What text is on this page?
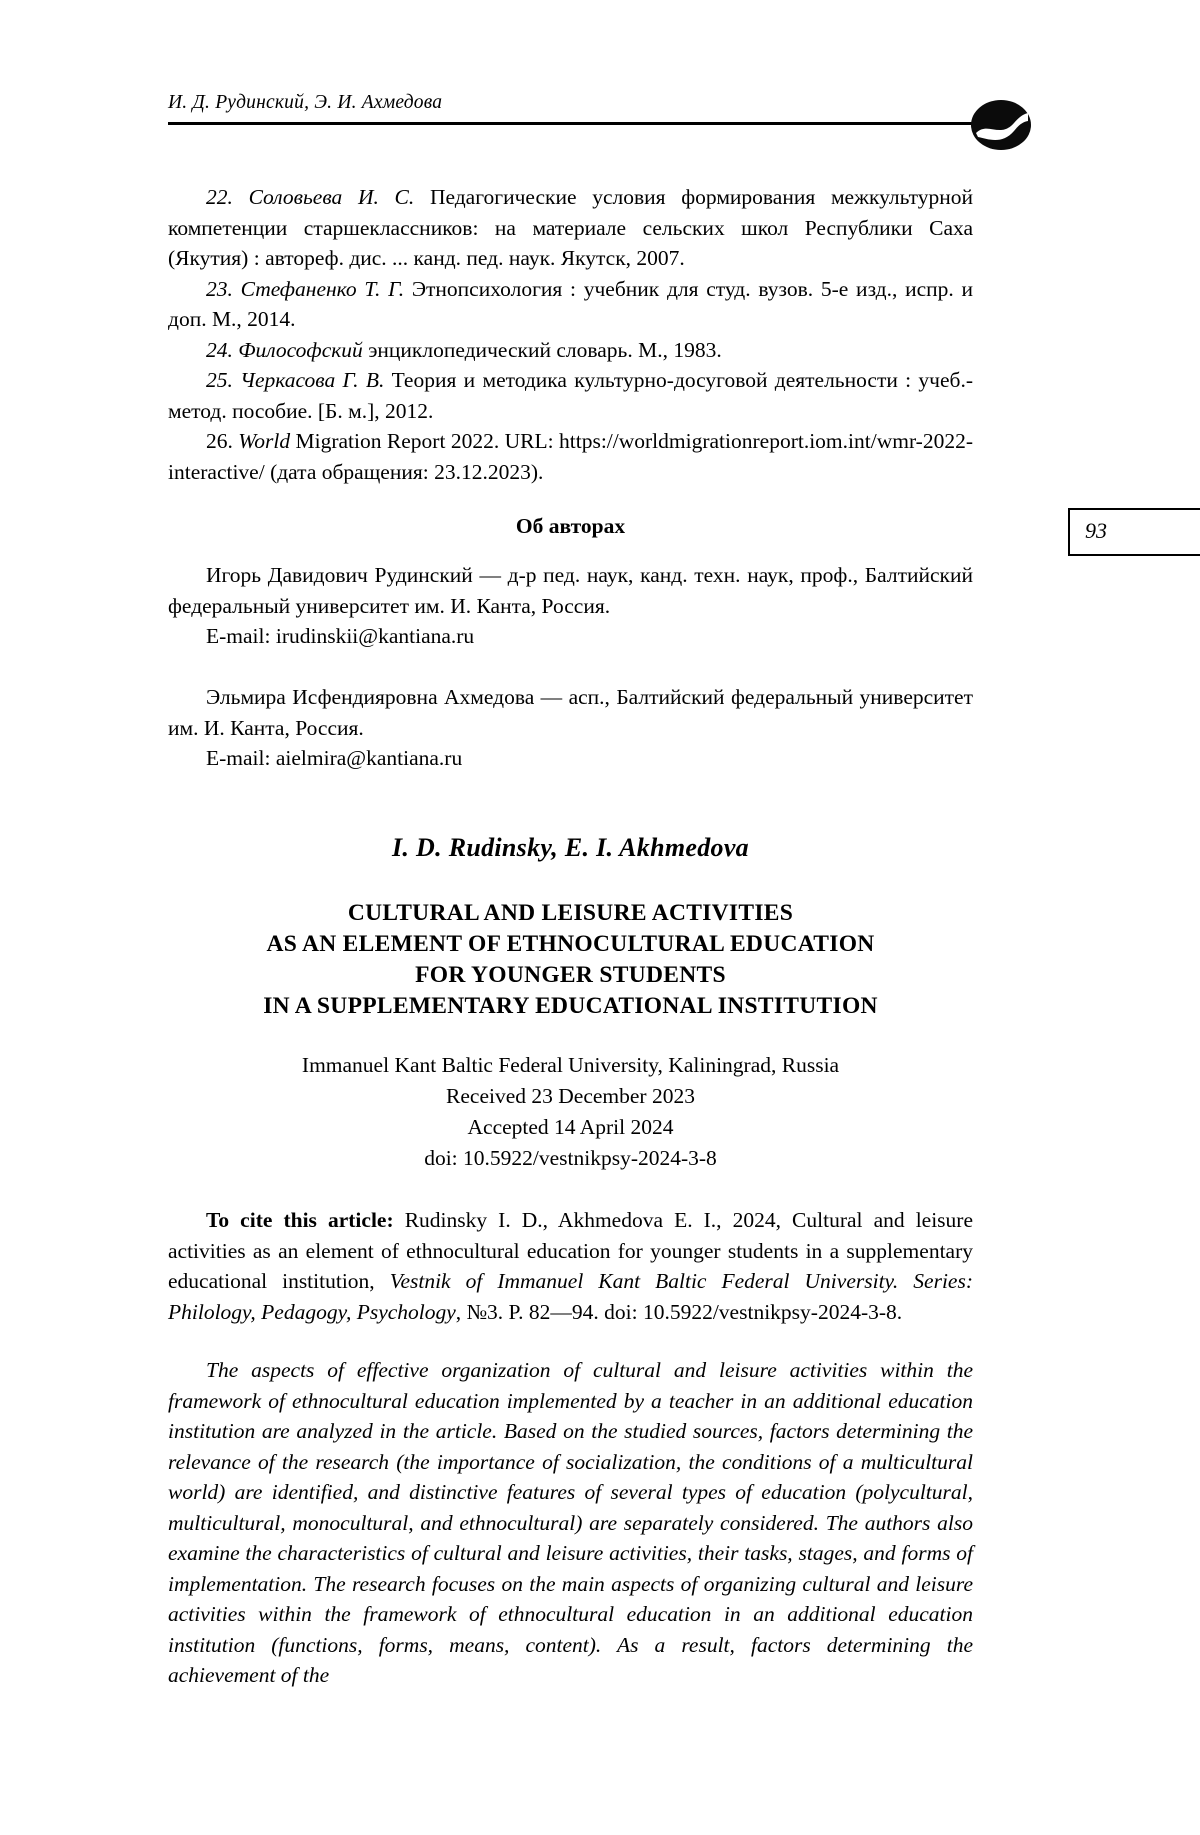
И. Д. Рудинский, Э. И. Ахмедова
93

22. Соловьева И. С. Педагогические условия формирования межкультурной компетенции старшеклассников: на материале сельских школ Республики Саха (Якутия) : автореф. дис. ... канд. пед. наук. Якутск, 2007.

23. Стефаненко Т. Г. Этнопсихология : учебник для студ. вузов. 5-е изд., испр. и доп. М., 2014.

24. Философский энциклопедический словарь. М., 1983.

25. Черкасова Г. В. Теория и методика культурно-досуговой деятельности : учеб.-метод. пособие. [Б. м.], 2012.

26. World Migration Report 2022. URL: https://worldmigrationreport.iom.int/wmr-2022-interactive/ (дата обращения: 23.12.2023).

Об авторах

Игорь Давидович Рудинский — д-р пед. наук, канд. техн. наук, проф., Балтийский федеральный университет им. И. Канта, Россия.

E-mail: irudinskii@kantiana.ru

Эльмира Исфендияровна Ахмедова — асп., Балтийский федеральный университет им. И. Канта, Россия.

E-mail: aielmira@kantiana.ru

I. D. Rudinsky, E. I. Akhmedova
CULTURAL AND LEISURE ACTIVITIES
AS AN ELEMENT OF ETHNOCULTURAL EDUCATION
FOR YOUNGER STUDENTS
IN A SUPPLEMENTARY EDUCATIONAL INSTITUTION
Immanuel Kant Baltic Federal University, Kaliningrad, Russia
Received 23 December 2023
Accepted 14 April 2024
doi: 10.5922/vestnikpsy-2024-3-8

To cite this article: Rudinsky I. D., Akhmedova E. I., 2024, Cultural and leisure activities as an element of ethnocultural education for younger students in a supplementary educational institution, Vestnik of Immanuel Kant Baltic Federal University. Series: Philology, Pedagogy, Psychology, №3. P. 82—94. doi: 10.5922/vestnikpsy-2024-3-8.

The aspects of effective organization of cultural and leisure activities within the framework of ethnocultural education implemented by a teacher in an additional education institution are analyzed in the article. Based on the studied sources, factors determining the relevance of the research (the importance of socialization, the conditions of a multicultural world) are identified, and distinctive features of several types of education (polycultural, multicultural, monocultural, and ethnocultural) are separately considered. The authors also examine the characteristics of cultural and leisure activities, their tasks, stages, and forms of implementation. The research focuses on the main aspects of organizing cultural and leisure activities within the framework of ethnocultural education in an additional education institution (functions, forms, means, content). As a result, factors determining the achievement of the
